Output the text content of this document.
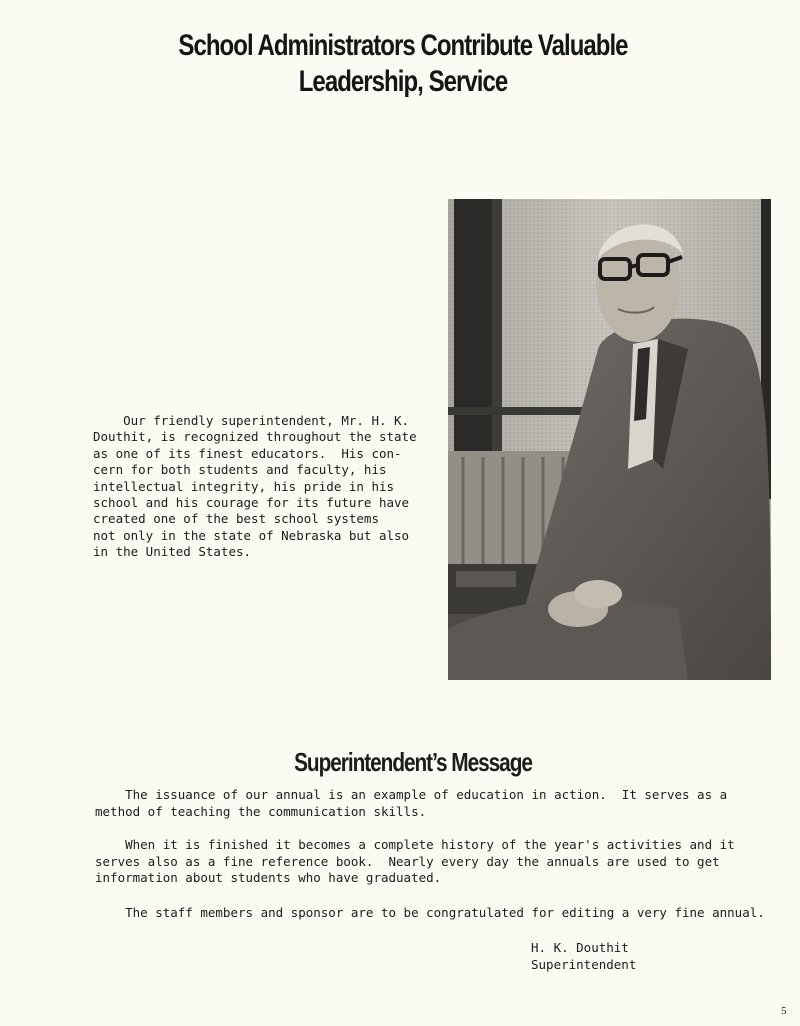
School Administrators Contribute Valuable
Leadership, Service

Our friendly superintendent, Mr. H. K.
Douthit, is recognized throughout the state
as one of its finest educators.  His con-
cern for both students and faculty, his
intellectual integrity, his pride in his
school and his courage for its future have
created one of the best school systems
not only in the state of Nebraska but also
in the United States.

Superintendent’s Message

The issuance of our annual is an example of education in action.  It serves as a
method of teaching the communication skills.

When it is finished it becomes a complete history of the year's activities and it
serves also as a fine reference book.  Nearly every day the annuals are used to get
information about students who have graduated.

The staff members and sponsor are to be congratulated for editing a very fine annual.

H. K. Douthit
Superintendent
5
